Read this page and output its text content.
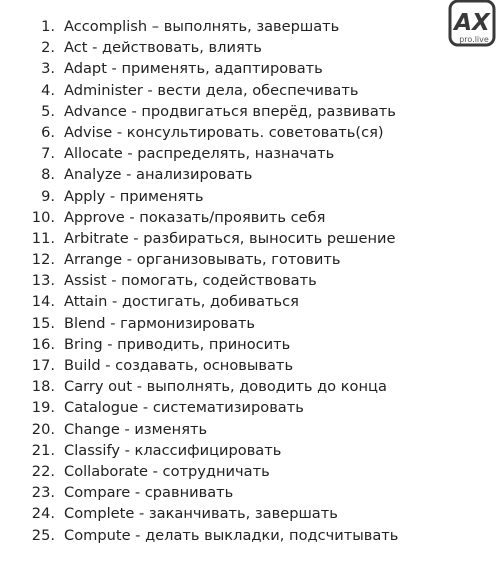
AX
pro.live
1. Accomplish – выполнять, завершать
2. Act - действовать, влиять
3. Adapt - применять, адаптировать
4. Administer - вести дела, обеспечивать
5. Advance - продвигаться вперёд, развивать
6. Advise - консультировать. советовать(ся)
7. Allocate - распределять, назначать
8. Analyze - анализировать
9. Apply - применять
10. Approve - показать/проявить себя
11. Arbitrate - разбираться, выносить решение
12. Arrange - организовывать, готовить
13. Assist - помогать, содействовать
14. Attain - достигать, добиваться
15. Blend - гармонизировать
16. Bring - приводить, приносить
17. Build - создавать, основывать
18. Carry out - выполнять, доводить до конца
19. Catalogue - систематизировать
20. Change - изменять
21. Classify - классифицировать
22. Collaborate - сотрудничать
23. Compare - сравнивать
24. Complete - заканчивать, завершать
25. Compute - делать выкладки, подсчитывать
